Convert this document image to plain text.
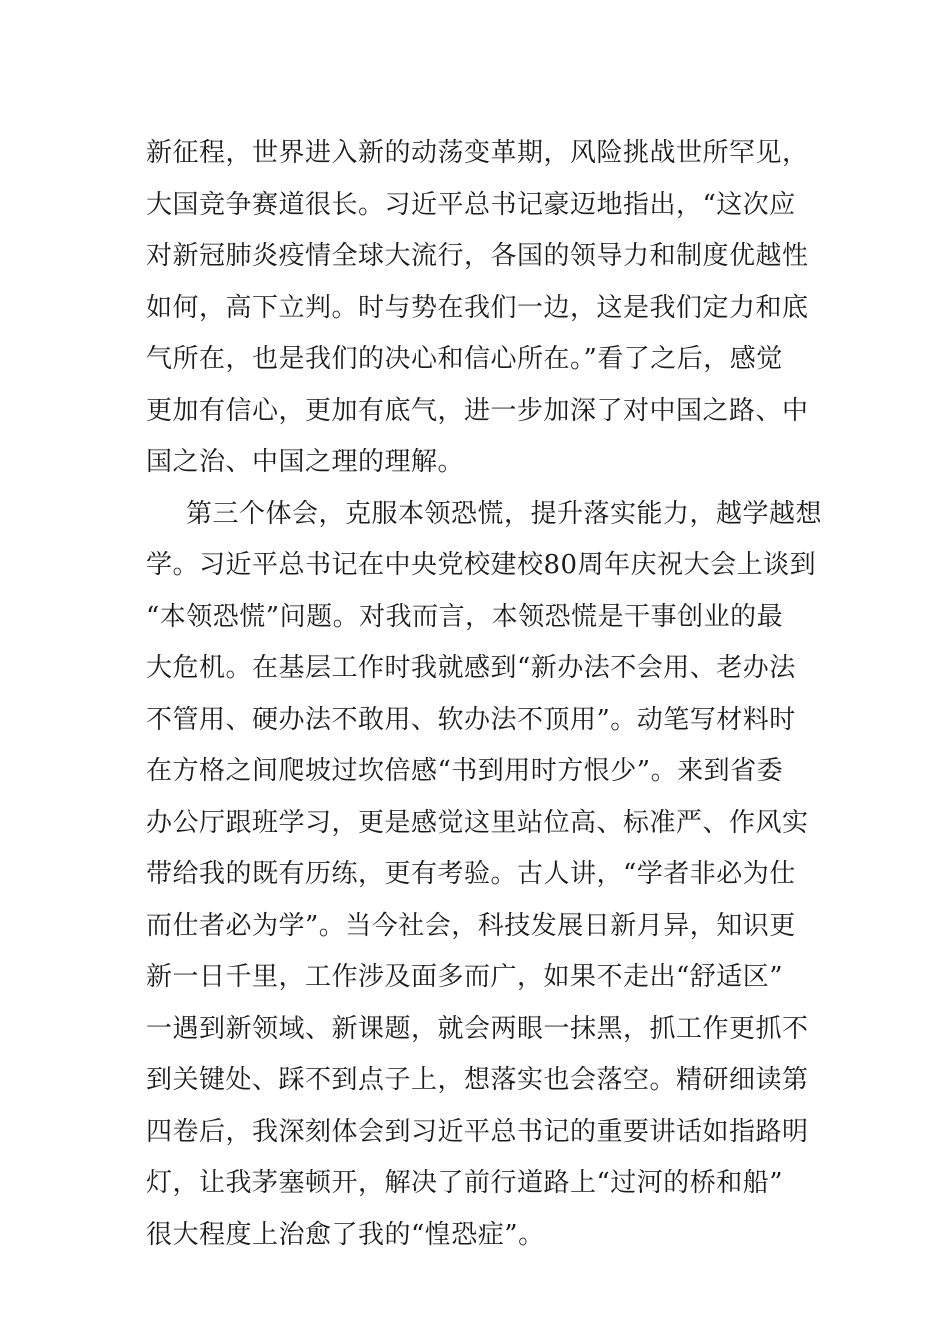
新征程，世界进入新的动荡变革期，风险挑战世所罕见，
大国竞争赛道很长。习近平总书记豪迈地指出，“这次应
对新冠肺炎疫情全球大流行，各国的领导力和制度优越性
如何，高下立判。时与势在我们一边，这是我们定力和底
气所在，也是我们的决心和信心所在。”看了之后，感觉
更加有信心，更加有底气，进一步加深了对中国之路、中
国之治、中国之理的理解。
第三个体会，克服本领恐慌，提升落实能力，越学越想
学。习近平总书记在中央党校建校80周年庆祝大会上谈到
“本领恐慌”问题。对我而言，本领恐慌是干事创业的最
大危机。在基层工作时我就感到“新办法不会用、老办法
不管用、硬办法不敢用、软办法不顶用”。动笔写材料时
在方格之间爬坡过坎倍感“书到用时方恨少”。来到省委
办公厅跟班学习，更是感觉这里站位高、标准严、作风实
带给我的既有历练，更有考验。古人讲，“学者非必为仕
而仕者必为学”。当今社会，科技发展日新月异，知识更
新一日千里，工作涉及面多而广，如果不走出“舒适区”
一遇到新领域、新课题，就会两眼一抹黑，抓工作更抓不
到关键处、踩不到点子上，想落实也会落空。精研细读第
四卷后，我深刻体会到习近平总书记的重要讲话如指路明
灯，让我茅塞顿开，解决了前行道路上“过河的桥和船”
很大程度上治愈了我的“惶恐症”。
